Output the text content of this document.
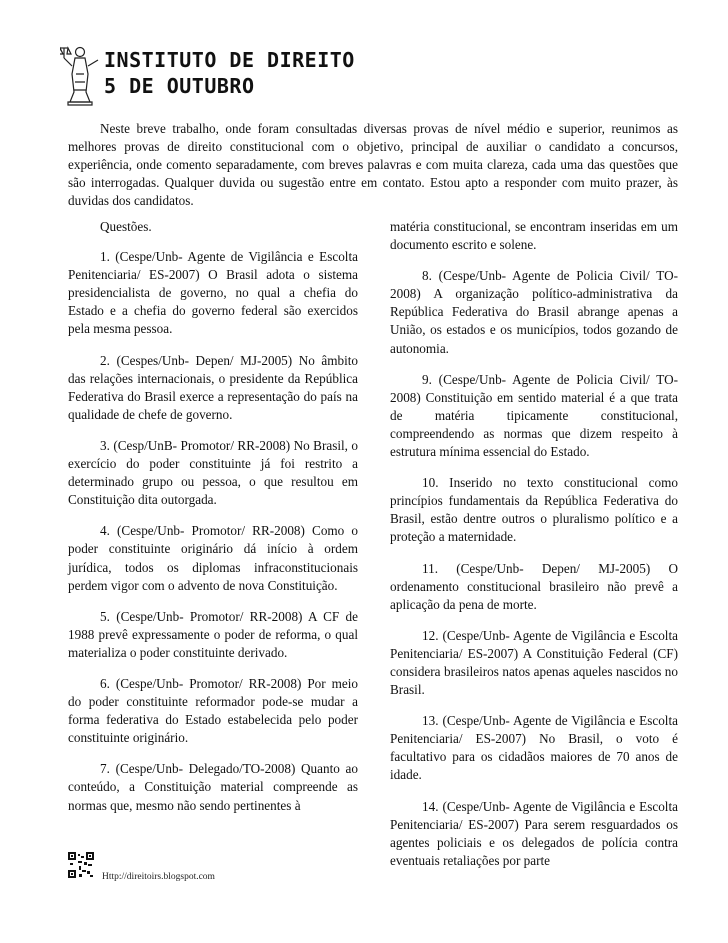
INSTITUTO DE DIREITO
5 DE OUTUBRO

Neste breve trabalho, onde foram consultadas diversas provas de nível médio e superior, reunimos as melhores provas de direito constitucional com o objetivo, principal de auxiliar o candidato a concursos, experiência, onde comento separadamente, com breves palavras e com muita clareza, cada uma das questões que são interrogadas. Qualquer duvida ou sugestão entre em contato. Estou apto a responder com muito prazer, às duvidas dos candidatos.

Questões.

1. (Cespe/Unb- Agente de Vigilância e Escolta Penitenciaria/ ES-2007) O Brasil adota o sistema presidencialista de governo, no qual a chefia do Estado e a chefia do governo federal são exercidos pela mesma pessoa.

2. (Cespes/Unb- Depen/ MJ-2005) No âmbito das relações internacionais, o presidente da República Federativa do Brasil exerce a representação do país na qualidade de chefe de governo.

3. (Cesp/UnB- Promotor/ RR-2008) No Brasil, o exercício do poder constituinte já foi restrito a determinado grupo ou pessoa, o que resultou em Constituição dita outorgada.

4. (Cespe/Unb- Promotor/ RR-2008) Como o poder constituinte originário dá início à ordem jurídica, todos os diplomas infraconstitucionais perdem vigor com o advento de nova Constituição.

5. (Cespe/Unb- Promotor/ RR-2008) A CF de 1988 prevê expressamente o poder de reforma, o qual materializa o poder constituinte derivado.

6. (Cespe/Unb- Promotor/ RR-2008) Por meio do poder constituinte reformador pode-se mudar a forma federativa do Estado estabelecida pelo poder constituinte originário.

7. (Cespe/Unb- Delegado/TO-2008) Quanto ao conteúdo, a Constituição material compreende as normas que, mesmo não sendo pertinentes à

matéria constitucional, se encontram inseridas em um documento escrito e solene.

8. (Cespe/Unb- Agente de Policia Civil/ TO-2008) A organização político-administrativa da República Federativa do Brasil abrange apenas a União, os estados e os municípios, todos gozando de autonomia.

9. (Cespe/Unb- Agente de Policia Civil/ TO-2008) Constituição em sentido material é a que trata de matéria tipicamente constitucional, compreendendo as normas que dizem respeito à estrutura mínima essencial do Estado.

10. Inserido no texto constitucional como princípios fundamentais da República Federativa do Brasil, estão dentre outros o pluralismo político e a proteção a maternidade.

11. (Cespe/Unb- Depen/ MJ-2005) O ordenamento constitucional brasileiro não prevê a aplicação da pena de morte.

12. (Cespe/Unb- Agente de Vigilância e Escolta Penitenciaria/ ES-2007) A Constituição Federal (CF) considera brasileiros natos apenas aqueles nascidos no Brasil.

13. (Cespe/Unb- Agente de Vigilância e Escolta Penitenciaria/ ES-2007) No Brasil, o voto é facultativo para os cidadãos maiores de 70 anos de idade.

14. (Cespe/Unb- Agente de Vigilância e Escolta Penitenciaria/ ES-2007) Para serem resguardados os agentes policiais e os delegados de polícia contra eventuais retaliações por parte

Http://direitoirs.blogspot.com
